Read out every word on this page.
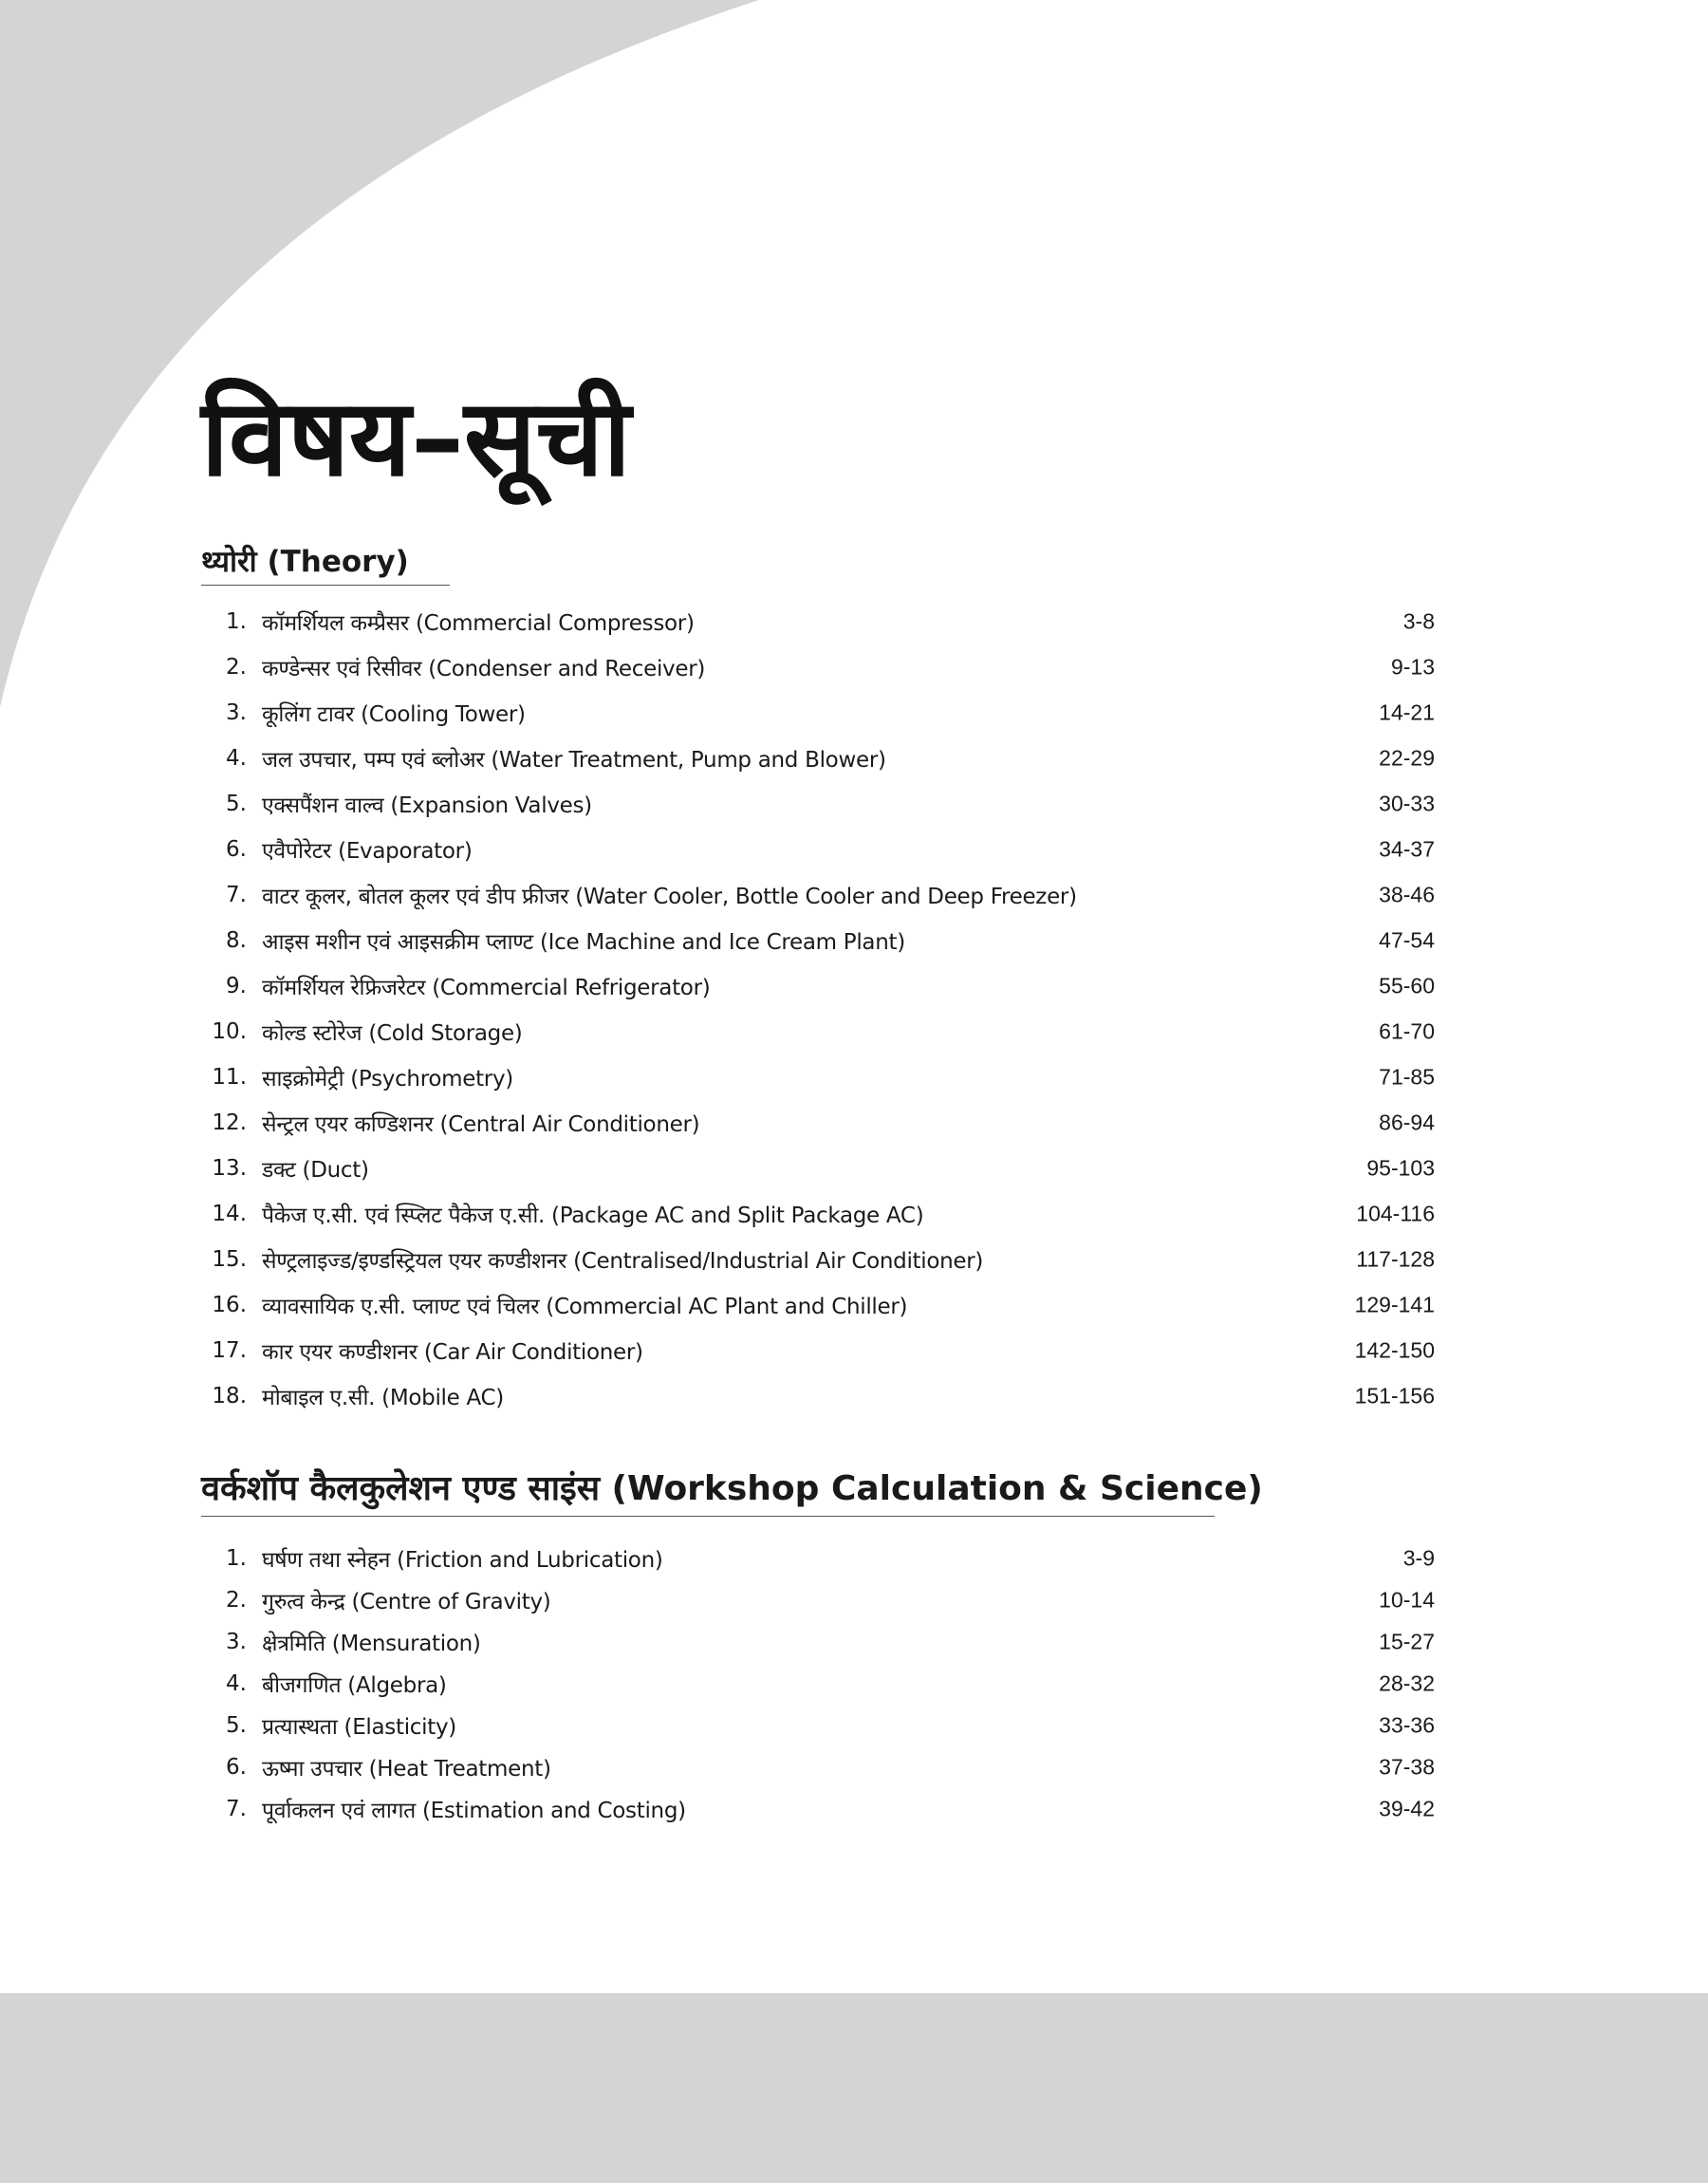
विषय–सूची
थ्योरी (Theory)
1. कॉमर्शियल कम्प्रैसर (Commercial Compressor)	3-8
2. कण्डेन्सर एवं रिसीवर (Condenser and Receiver)	9-13
3. कूलिंग टावर (Cooling Tower)	14-21
4. जल उपचार, पम्प एवं ब्लोअर (Water Treatment, Pump and Blower)	22-29
5. एक्सपैंशन वाल्व (Expansion Valves)	30-33
6. एवैपोरेटर (Evaporator)	34-37
7. वाटर कूलर, बोतल कूलर एवं डीप फ्रीजर (Water Cooler, Bottle Cooler and Deep Freezer)	38-46
8. आइस मशीन एवं आइसक्रीम प्लाण्ट (Ice Machine and Ice Cream Plant)	47-54
9. कॉमर्शियल रेफ्रिजरेटर (Commercial Refrigerator)	55-60
10. कोल्ड स्टोरेज (Cold Storage)	61-70
11. साइक्रोमेट्री (Psychrometry)	71-85
12. सेन्ट्रल एयर कण्डिशनर (Central Air Conditioner)	86-94
13. डक्ट (Duct)	95-103
14. पैकेज ए.सी. एवं स्प्लिट पैकेज ए.सी. (Package AC and Split Package AC)	104-116
15. सेण्ट्रलाइज्ड/इण्डस्ट्रियल एयर कण्डीशनर (Centralised/Industrial Air Conditioner)	117-128
16. व्यावसायिक ए.सी. प्लाण्ट एवं चिलर (Commercial AC Plant and Chiller)	129-141
17. कार एयर कण्डीशनर (Car Air Conditioner)	142-150
18. मोबाइल ए.सी. (Mobile AC)	151-156
वर्कशॉप कैलकुलेशन एण्ड साइंस (Workshop Calculation & Science)
1. घर्षण तथा स्नेहन (Friction and Lubrication)	3-9
2. गुरुत्व केन्द्र (Centre of Gravity)	10-14
3. क्षेत्रमिति (Mensuration)	15-27
4. बीजगणित (Algebra)	28-32
5. प्रत्यास्थता (Elasticity)	33-36
6. ऊष्मा उपचार (Heat Treatment)	37-38
7. पूर्वाकलन एवं लागत (Estimation and Costing)	39-42
